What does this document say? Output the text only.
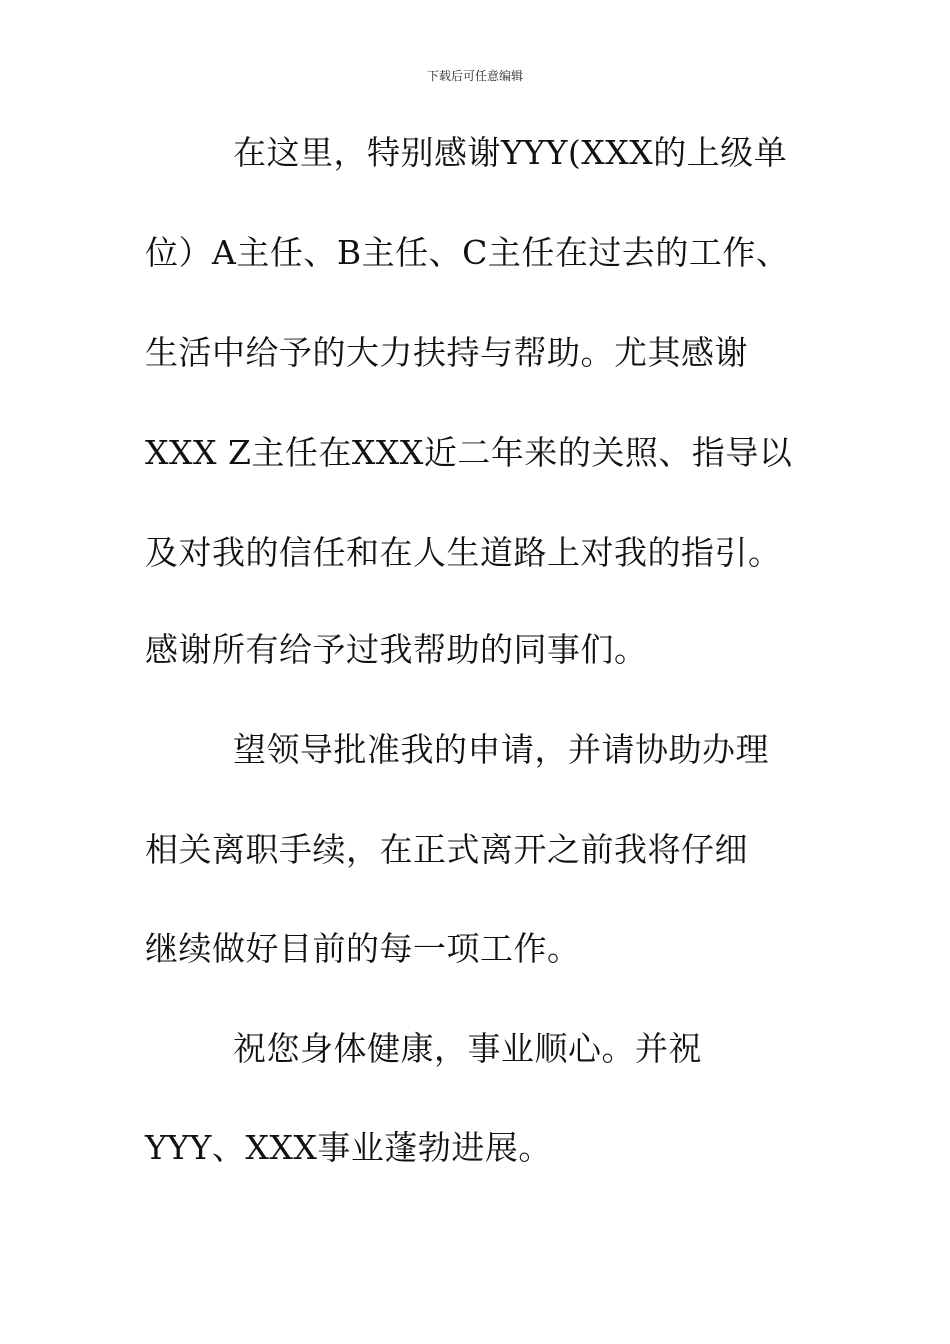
下载后可任意编辑
在这里，特别感谢YYY(XXX的上级单
位）A主任、B主任、C主任在过去的工作、
生活中给予的大力扶持与帮助。尤其感谢
XXX Z主任在XXX近二年来的关照、指导以
及对我的信任和在人生道路上对我的指引。
感谢所有给予过我帮助的同事们。
望领导批准我的申请，并请协助办理
相关离职手续，在正式离开之前我将仔细
继续做好目前的每一项工作。
祝您身体健康，事业顺心。并祝
YYY、XXX事业蓬勃进展。
